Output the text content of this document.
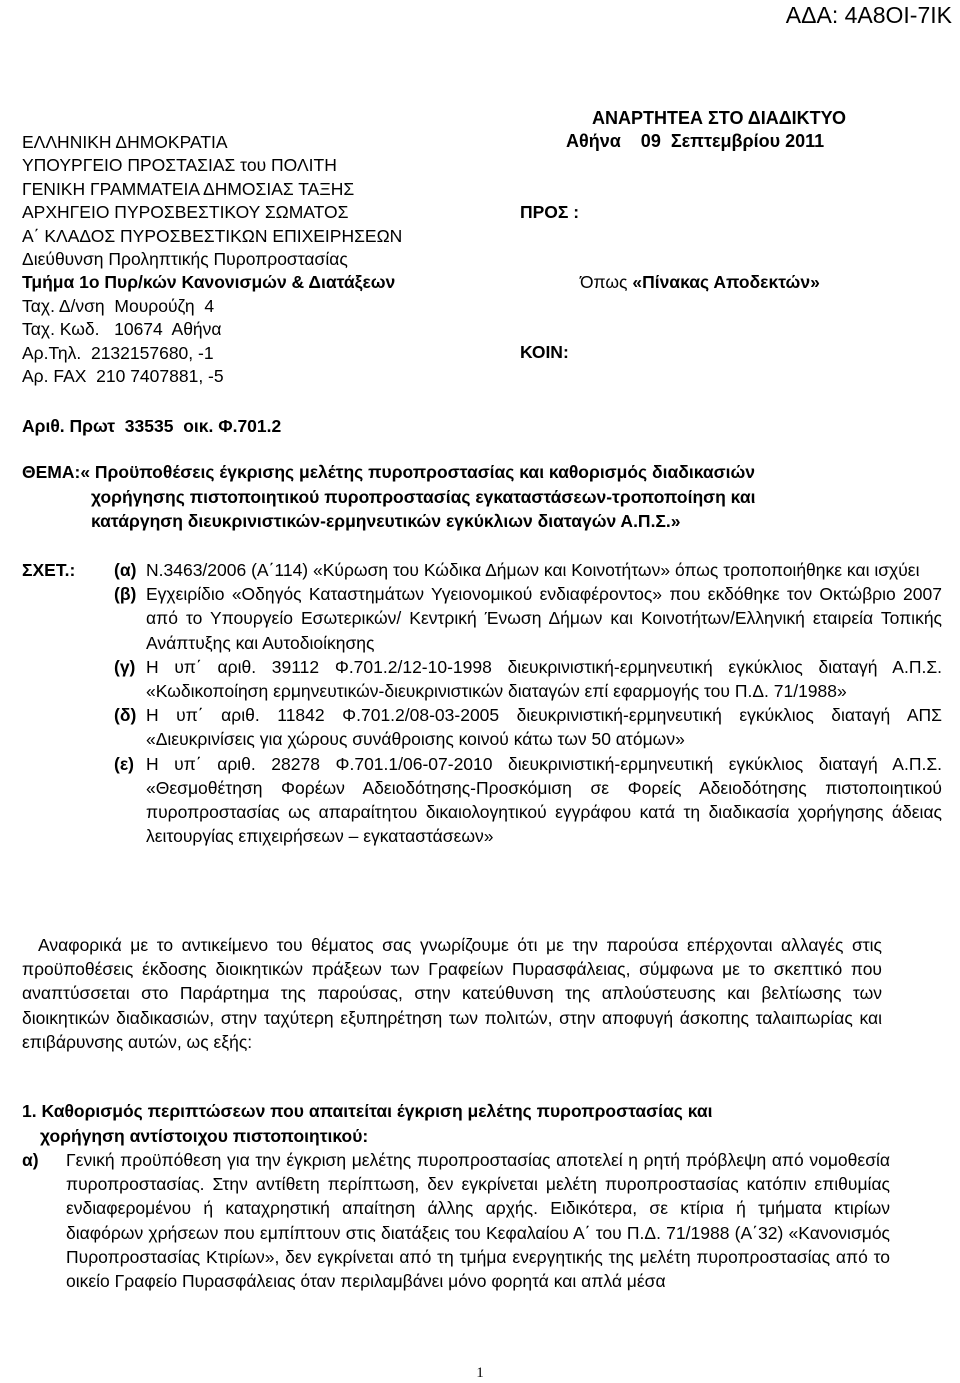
ΑΔΑ: 4Α8ΟΙ-7ΙΚ
ΑΝΑΡΤΗΤΕΑ ΣΤΟ ΔΙΑΔΙΚΤΥΟ
Αθήνα    09  Σεπτεμβρίου 2011
ΕΛΛΗΝΙΚΗ ΔΗΜΟΚΡΑΤΙΑ
ΥΠΟΥΡΓΕΙΟ ΠΡΟΣΤΑΣΙΑΣ του ΠΟΛΙΤΗ
ΓΕΝΙΚΗ ΓΡΑΜΜΑΤΕΙΑ ΔΗΜΟΣΙΑΣ ΤΑΞΗΣ
ΑΡΧΗΓΕΙΟ ΠΥΡΟΣΒΕΣΤΙΚΟΥ ΣΩΜΑΤΟΣ
Α΄ ΚΛΑΔΟΣ ΠΥΡΟΣΒΕΣΤΙΚΩΝ ΕΠΙΧΕΙΡΗΣΕΩΝ
Διεύθυνση Προληπτικής Πυροπροστασίας
Τμήμα 1ο Πυρ/κών Κανονισμών & Διατάξεων
Ταχ. Δ/νση  Μουρούζη  4
Ταχ. Κωδ.   10674  Αθήνα
Αρ.Τηλ.  2132157680, -1
Αρ. FAX  210 7407881, -5
ΠΡΟΣ :
Όπως «Πίνακας Αποδεκτών»
ΚΟΙΝ:
Αριθ. Πρωτ  33535  οικ. Φ.701.2
ΘΕΜΑ:« Προϋποθέσεις έγκρισης μελέτης πυροπροστασίας και καθορισμός διαδικασιών
χορήγησης πιστοποιητικού πυροπροστασίας εγκαταστάσεων-τροποποίηση και
κατάργηση διευκρινιστικών-ερμηνευτικών εγκύκλιων διαταγών Α.Π.Σ.»
ΣΧΕΤ.:	(α) Ν.3463/2006 (Α΄114) «Κύρωση του Κώδικα Δήμων και Κοινοτήτων» όπως τροποποιήθηκε και ισχύει
(β) Εγχειρίδιο «Οδηγός Καταστημάτων Υγειονομικού ενδιαφέροντος» που εκδόθηκε τον Οκτώβριο 2007 από το Υπουργείο Εσωτερικών/ Κεντρική Ένωση Δήμων και Κοινοτήτων/Ελληνική εταιρεία Τοπικής Ανάπτυξης και Αυτοδιοίκησης
(γ) Η υπ΄ αριθ. 39112 Φ.701.2/12-10-1998 διευκρινιστική-ερμηνευτική εγκύκλιος διαταγή Α.Π.Σ. «Κωδικοποίηση ερμηνευτικών-διευκρινιστικών διαταγών επί εφαρμογής του Π.Δ. 71/1988»
(δ) Η υπ΄ αριθ. 11842 Φ.701.2/08-03-2005 διευκρινιστική-ερμηνευτική εγκύκλιος διαταγή ΑΠΣ «Διευκρινίσεις για χώρους συνάθροισης κοινού κάτω των 50 ατόμων»
(ε) Η υπ΄ αριθ. 28278 Φ.701.1/06-07-2010 διευκρινιστική-ερμηνευτική εγκύκλιος διαταγή Α.Π.Σ. «Θεσμοθέτηση Φορέων Αδειοδότησης-Προσκόμιση σε Φορείς Αδειοδότησης πιστοποιητικού πυροπροστασίας ως απαραίτητου δικαιολογητικού εγγράφου κατά τη διαδικασία χορήγησης άδειας λειτουργίας επιχειρήσεων – εγκαταστάσεων»
Αναφορικά με το αντικείμενο του θέματος σας γνωρίζουμε ότι με την παρούσα επέρχονται αλλαγές στις προϋποθέσεις έκδοσης διοικητικών πράξεων των Γραφείων Πυρασφάλειας, σύμφωνα με το σκεπτικό που αναπτύσσεται στο Παράρτημα της παρούσας, στην κατεύθυνση της απλούστευσης και βελτίωσης των διοικητικών διαδικασιών, στην ταχύτερη εξυπηρέτηση των πολιτών, στην αποφυγή άσκοπης ταλαιπωρίας και επιβάρυνσης αυτών, ως εξής:
1. Καθορισμός περιπτώσεων που απαιτείται έγκριση μελέτης πυροπροστασίας και
χορήγηση αντίστοιχου πιστοποιητικού:
α)	Γενική προϋπόθεση για την έγκριση μελέτης πυροπροστασίας αποτελεί η ρητή πρόβλεψη από νομοθεσία πυροπροστασίας. Στην αντίθετη περίπτωση, δεν εγκρίνεται μελέτη πυροπροστασίας κατόπιν επιθυμίας ενδιαφερομένου ή καταχρηστική απαίτηση άλλης αρχής. Ειδικότερα, σε κτίρια ή τμήματα κτιρίων διαφόρων χρήσεων που εμπίπτουν στις διατάξεις του Κεφαλαίου Α΄ του Π.Δ. 71/1988 (Α΄32) «Κανονισμός Πυροπροστασίας Κτιρίων», δεν εγκρίνεται από τη τμήμα ενεργητικής της μελέτη πυροπροστασίας από το οικείο Γραφείο Πυρασφάλειας όταν περιλαμβάνει μόνο φορητά και απλά μέσα
1
